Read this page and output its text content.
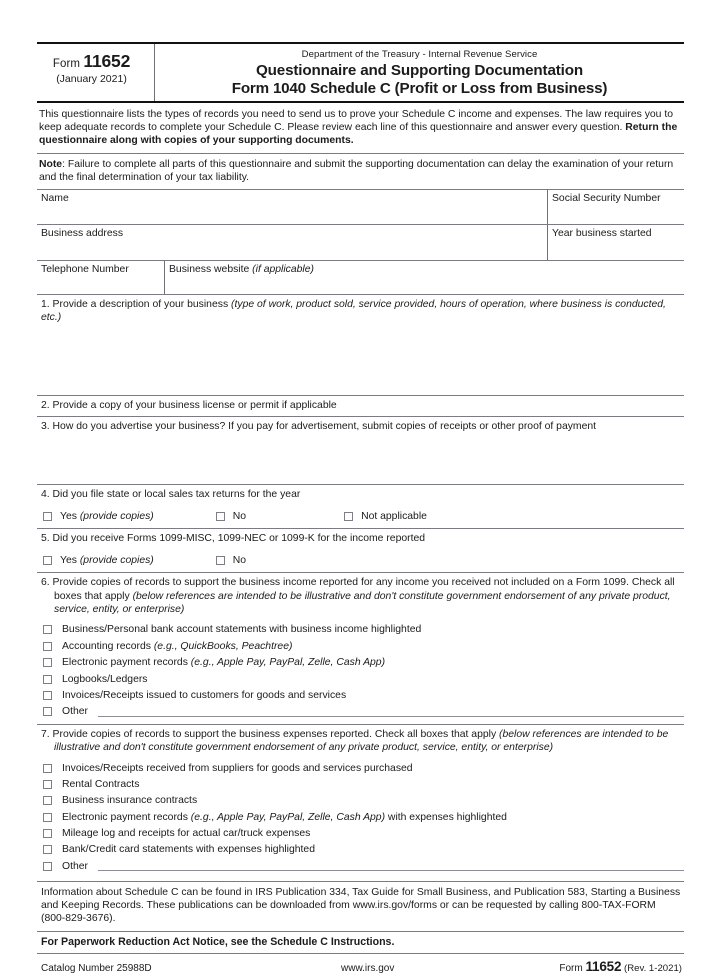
Form 11652
(January 2021)
Department of the Treasury - Internal Revenue Service
Questionnaire and Supporting Documentation
Form 1040 Schedule C (Profit or Loss from Business)
This questionnaire lists the types of records you need to send us to prove your Schedule C income and expenses. The law requires you to keep adequate records to complete your Schedule C. Please review each line of this questionnaire and answer every question. Return the questionnaire along with copies of your supporting documents.
Note: Failure to complete all parts of this questionnaire and submit the supporting documentation can delay the examination of your return and the final determination of your tax liability.
Name	Social Security Number
Business address	Year business started
Telephone Number	Business website (if applicable)
1. Provide a description of your business (type of work, product sold, service provided, hours of operation, where business is conducted, etc.)
2. Provide a copy of your business license or permit if applicable
3. How do you advertise your business? If you pay for advertisement, submit copies of receipts or other proof of payment
4. Did you file state or local sales tax returns for the year
Yes (provide copies)	No	Not applicable
5. Did you receive Forms 1099-MISC, 1099-NEC or 1099-K for the income reported
Yes (provide copies)	No
6. Provide copies of records to support the business income reported for any income you received not included on a Form 1099. Check all boxes that apply (below references are intended to be illustrative and don't constitute government endorsement of any private product, service, entity, or enterprise)
Business/Personal bank account statements with business income highlighted
Accounting records (e.g., QuickBooks, Peachtree)
Electronic payment records (e.g., Apple Pay, PayPal, Zelle, Cash App)
Logbooks/Ledgers
Invoices/Receipts issued to customers for goods and services
Other
7. Provide copies of records to support the business expenses reported. Check all boxes that apply (below references are intended to be illustrative and don't constitute government endorsement of any private product, service, entity, or enterprise)
Invoices/Receipts received from suppliers for goods and services purchased
Rental Contracts
Business insurance contracts
Electronic payment records (e.g., Apple Pay, PayPal, Zelle, Cash App) with expenses highlighted
Mileage log and receipts for actual car/truck expenses
Bank/Credit card statements with expenses highlighted
Other
Information about Schedule C can be found in IRS Publication 334, Tax Guide for Small Business, and Publication 583, Starting a Business and Keeping Records. These publications can be downloaded from www.irs.gov/forms or can be requested by calling 800-TAX-FORM (800-829-3676).
For Paperwork Reduction Act Notice, see the Schedule C Instructions.
Catalog Number 25988D	www.irs.gov	Form 11652 (Rev. 1-2021)
